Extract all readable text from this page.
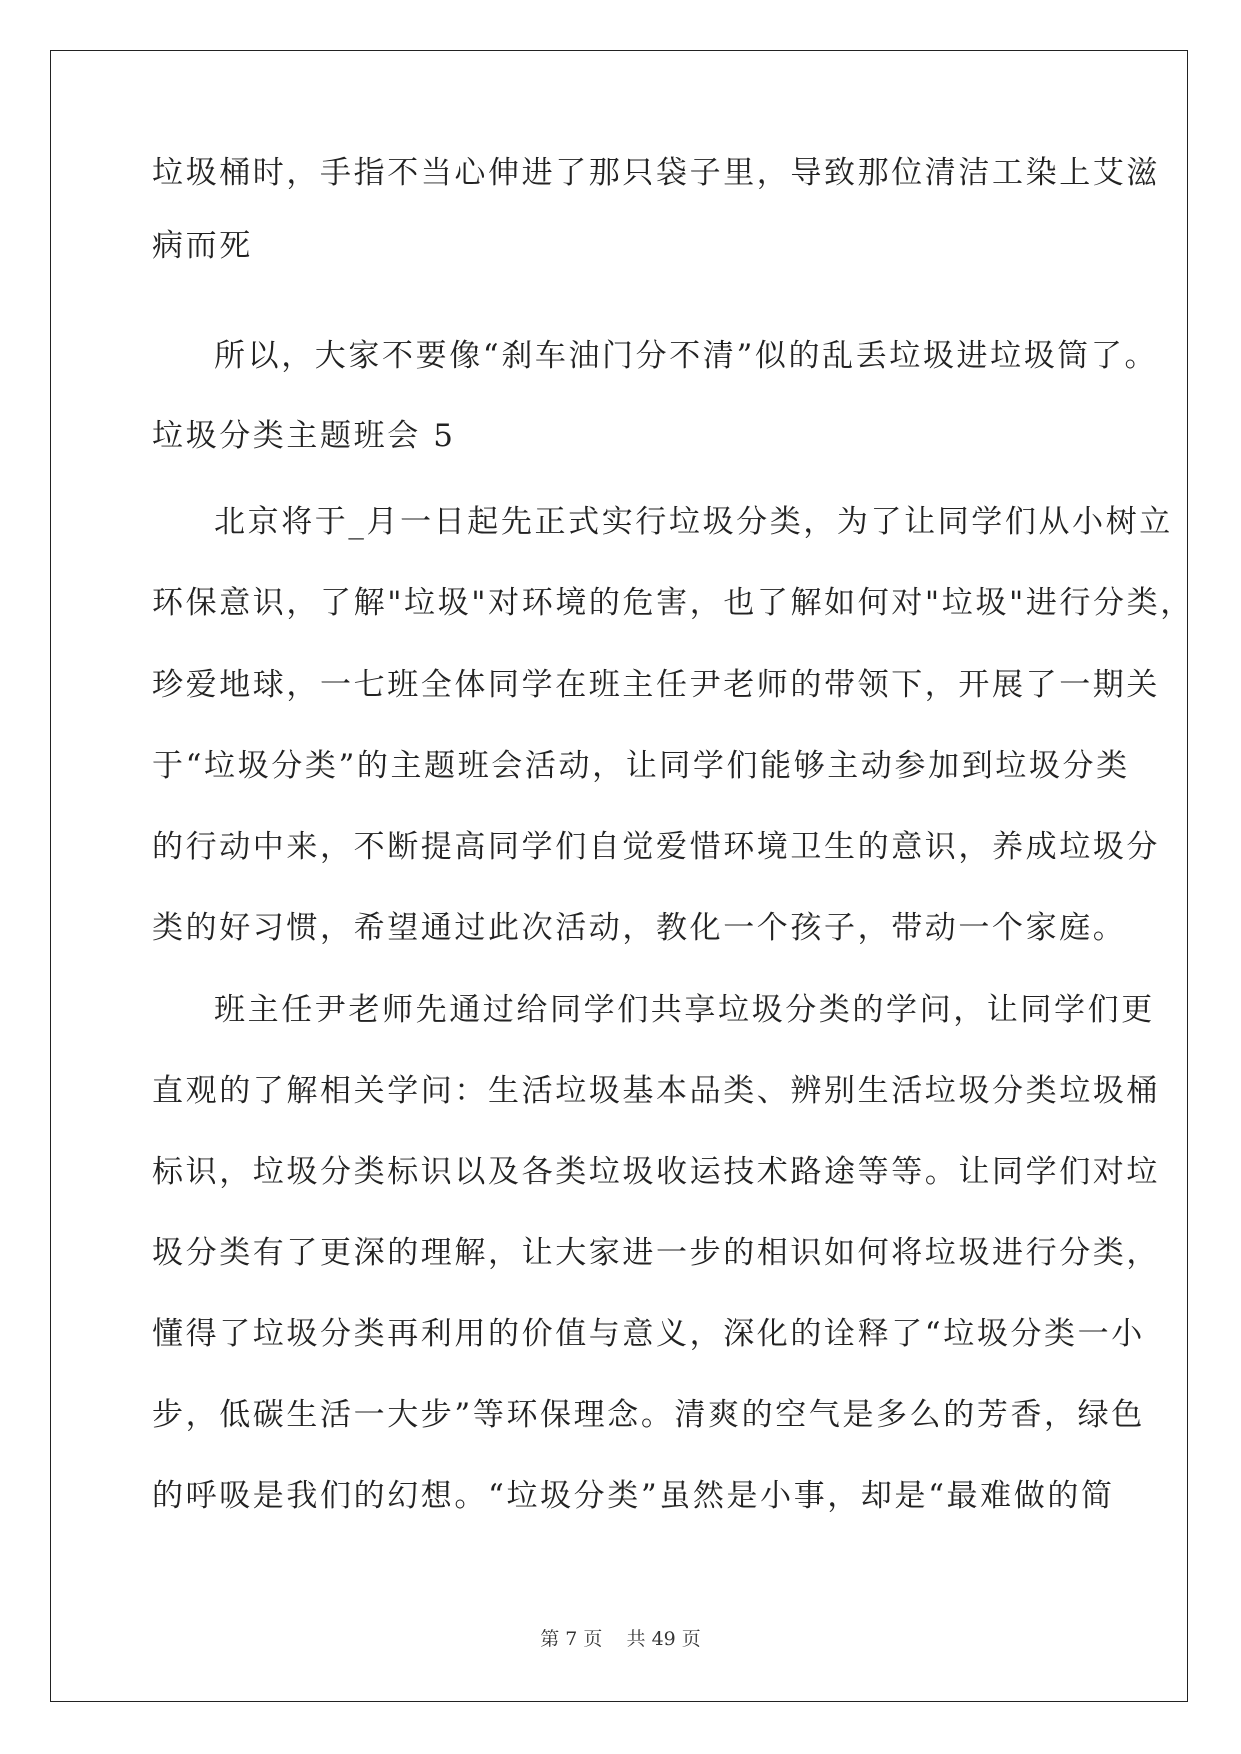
垃圾桶时，手指不当心伸进了那只袋子里，导致那位清洁工染上艾滋
病而死
所以，大家不要像“刹车油门分不清”似的乱丢垃圾进垃圾筒了。
垃圾分类主题班会 5
北京将于_月一日起先正式实行垃圾分类，为了让同学们从小树立
环保意识，了解"垃圾"对环境的危害，也了解如何对"垃圾"进行分类，
珍爱地球，一七班全体同学在班主任尹老师的带领下，开展了一期关
于“垃圾分类”的主题班会活动，让同学们能够主动参加到垃圾分类
的行动中来，不断提高同学们自觉爱惜环境卫生的意识，养成垃圾分
类的好习惯，希望通过此次活动，教化一个孩子，带动一个家庭。
班主任尹老师先通过给同学们共享垃圾分类的学问，让同学们更
直观的了解相关学问：生活垃圾基本品类、辨别生活垃圾分类垃圾桶
标识，垃圾分类标识以及各类垃圾收运技术路途等等。让同学们对垃
圾分类有了更深的理解，让大家进一步的相识如何将垃圾进行分类，
懂得了垃圾分类再利用的价值与意义，深化的诠释了“垃圾分类一小
步，低碳生活一大步”等环保理念。清爽的空气是多么的芳香，绿色
的呼吸是我们的幻想。“垃圾分类”虽然是小事，却是“最难做的简
第 7 页 共 49 页
